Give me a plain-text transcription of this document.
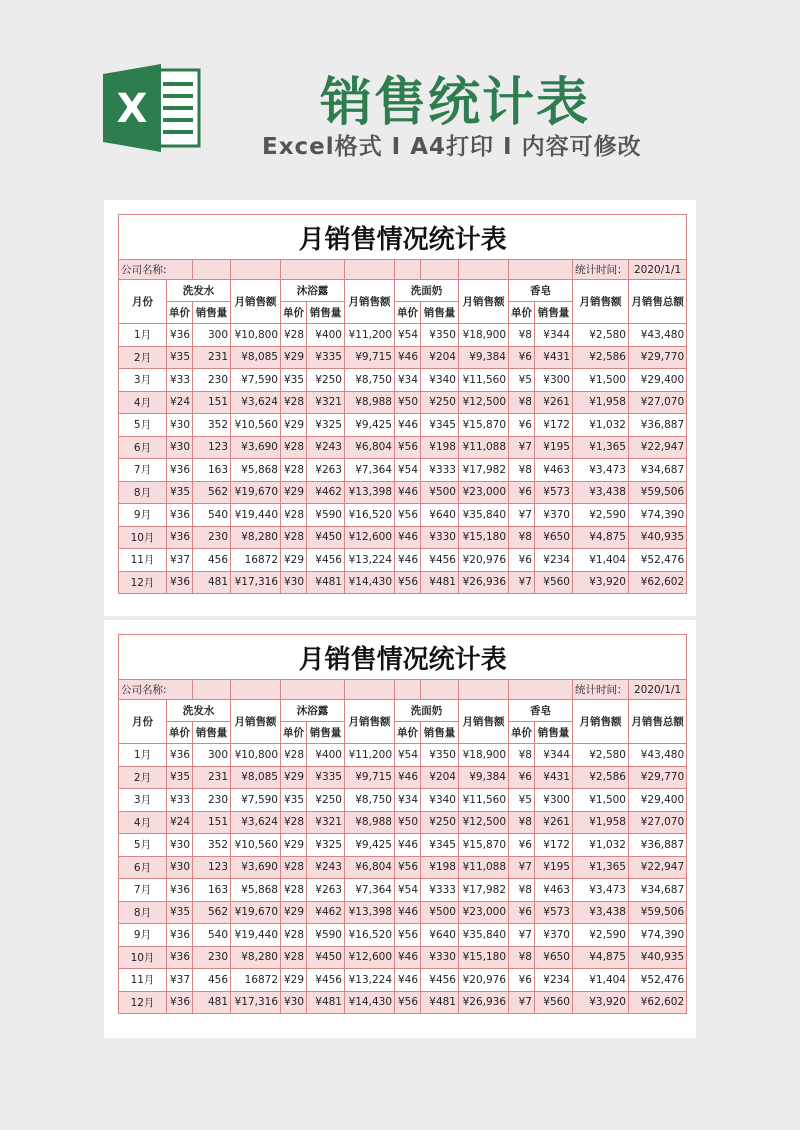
X	销售统计表
Excel格式 I A4打印 I 内容可修改
月销售情况统计表													
公司名称:												统计时间：	2020/1/1
月份	洗发水		月销售额	沐浴露		月销售额	洗面奶		月销售额	香皂		月销售额	月销售总额
	单价	销售量		单价	销售量		单价	销售量		单价	销售量		
1月	¥36	300	¥10,800	¥28	¥400	¥11,200	¥54	¥350	¥18,900	¥8	¥344	¥2,580	¥43,480
2月	¥35	231	¥8,085	¥29	¥335	¥9,715	¥46	¥204	¥9,384	¥6	¥431	¥2,586	¥29,770
3月	¥33	230	¥7,590	¥35	¥250	¥8,750	¥34	¥340	¥11,560	¥5	¥300	¥1,500	¥29,400
4月	¥24	151	¥3,624	¥28	¥321	¥8,988	¥50	¥250	¥12,500	¥8	¥261	¥1,958	¥27,070
5月	¥30	352	¥10,560	¥29	¥325	¥9,425	¥46	¥345	¥15,870	¥6	¥172	¥1,032	¥36,887
6月	¥30	123	¥3,690	¥28	¥243	¥6,804	¥56	¥198	¥11,088	¥7	¥195	¥1,365	¥22,947
7月	¥36	163	¥5,868	¥28	¥263	¥7,364	¥54	¥333	¥17,982	¥8	¥463	¥3,473	¥34,687
8月	¥35	562	¥19,670	¥29	¥462	¥13,398	¥46	¥500	¥23,000	¥6	¥573	¥3,438	¥59,506
9月	¥36	540	¥19,440	¥28	¥590	¥16,520	¥56	¥640	¥35,840	¥7	¥370	¥2,590	¥74,390
10月	¥36	230	¥8,280	¥28	¥450	¥12,600	¥46	¥330	¥15,180	¥8	¥650	¥4,875	¥40,935
11月	¥37	456	16872	¥29	¥456	¥13,224	¥46	¥456	¥20,976	¥6	¥234	¥1,404	¥52,476
12月	¥36	481	¥17,316	¥30	¥481	¥14,430	¥56	¥481	¥26,936	¥7	¥560	¥3,920	¥62,602
月销售情况统计表													
公司名称:												统计时间：	2020/1/1
月份	洗发水		月销售额	沐浴露		月销售额	洗面奶		月销售额	香皂		月销售额	月销售总额
	单价	销售量		单价	销售量		单价	销售量		单价	销售量		
1月	¥36	300	¥10,800	¥28	¥400	¥11,200	¥54	¥350	¥18,900	¥8	¥344	¥2,580	¥43,480
2月	¥35	231	¥8,085	¥29	¥335	¥9,715	¥46	¥204	¥9,384	¥6	¥431	¥2,586	¥29,770
3月	¥33	230	¥7,590	¥35	¥250	¥8,750	¥34	¥340	¥11,560	¥5	¥300	¥1,500	¥29,400
4月	¥24	151	¥3,624	¥28	¥321	¥8,988	¥50	¥250	¥12,500	¥8	¥261	¥1,958	¥27,070
5月	¥30	352	¥10,560	¥29	¥325	¥9,425	¥46	¥345	¥15,870	¥6	¥172	¥1,032	¥36,887
6月	¥30	123	¥3,690	¥28	¥243	¥6,804	¥56	¥198	¥11,088	¥7	¥195	¥1,365	¥22,947
7月	¥36	163	¥5,868	¥28	¥263	¥7,364	¥54	¥333	¥17,982	¥8	¥463	¥3,473	¥34,687
8月	¥35	562	¥19,670	¥29	¥462	¥13,398	¥46	¥500	¥23,000	¥6	¥573	¥3,438	¥59,506
9月	¥36	540	¥19,440	¥28	¥590	¥16,520	¥56	¥640	¥35,840	¥7	¥370	¥2,590	¥74,390
10月	¥36	230	¥8,280	¥28	¥450	¥12,600	¥46	¥330	¥15,180	¥8	¥650	¥4,875	¥40,935
11月	¥37	456	16872	¥29	¥456	¥13,224	¥46	¥456	¥20,976	¥6	¥234	¥1,404	¥52,476
12月	¥36	481	¥17,316	¥30	¥481	¥14,430	¥56	¥481	¥26,936	¥7	¥560	¥3,920	¥62,602
